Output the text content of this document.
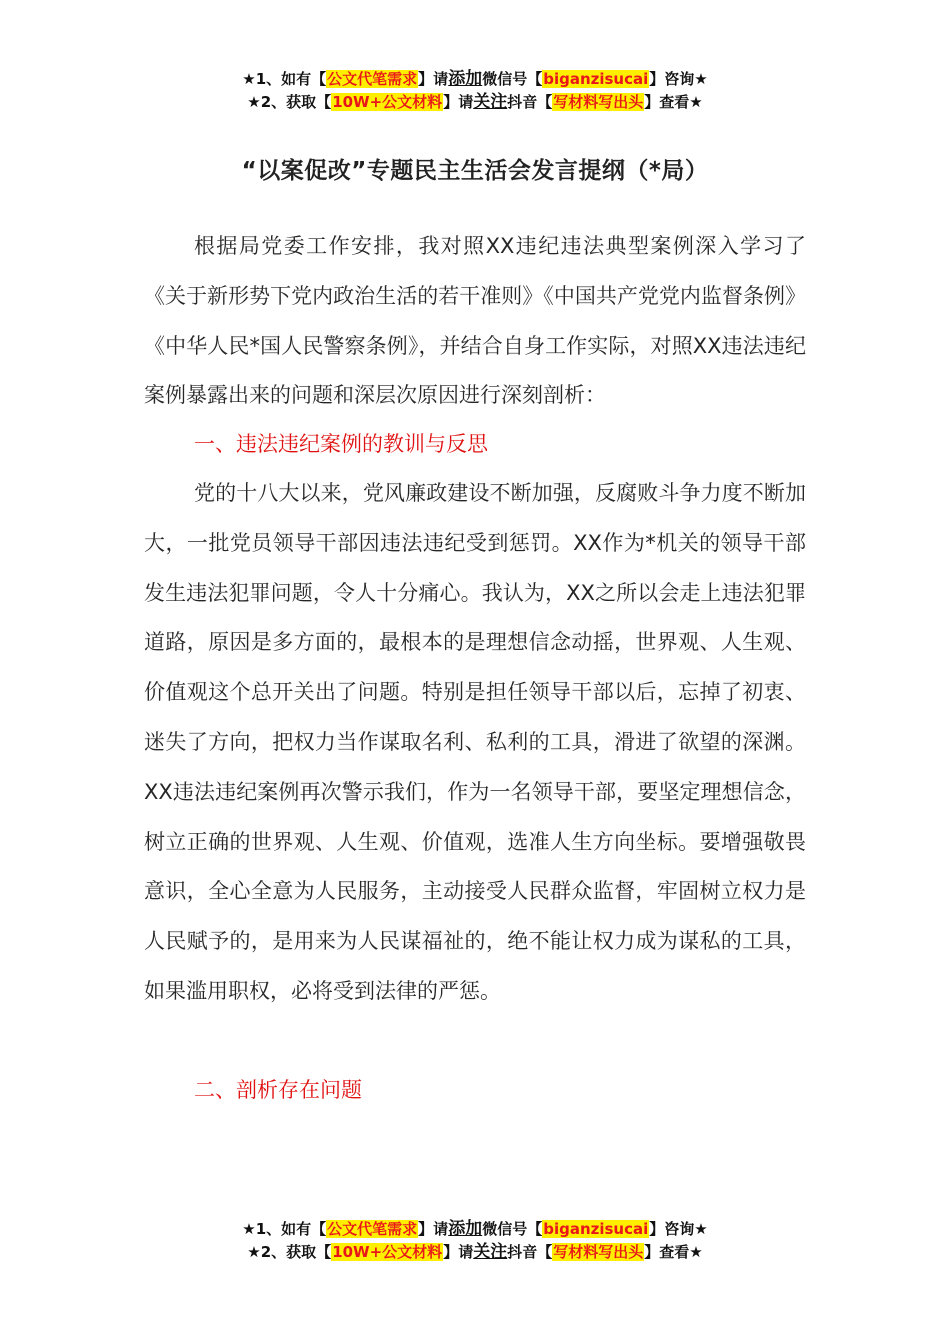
★1、如有【公文代笔需求】请添加微信号【biganzisucai】咨询★
★2、获取【10W+公文材料】请关注抖音【写材料写出头】查看★
“以案促改”专题民主生活会发言提纲（*局）
根据局党委工作安排，我对照XX违纪违法典型案例深入学习了《关于新形势下党内政治生活的若干准则》《中国共产党党内监督条例》《中华人民*国人民警察条例》，并结合自身工作实际，对照XX违法违纪案例暴露出来的问题和深层次原因进行深刻剖析：
一、违法违纪案例的教训与反思
党的十八大以来，党风廉政建设不断加强，反腐败斗争力度不断加大，一批党员领导干部因违法违纪受到惩罚。XX作为*机关的领导干部发生违法犯罪问题，令人十分痛心。我认为，XX之所以会走上违法犯罪道路，原因是多方面的，最根本的是理想信念动摇，世界观、人生观、价值观这个总开关出了问题。特别是担任领导干部以后，忘掉了初衷、迷失了方向，把权力当作谋取名利、私利的工具，滑进了欲望的深渊。XX违法违纪案例再次警示我们，作为一名领导干部，要坚定理想信念，树立正确的世界观、人生观、价值观，选准人生方向坐标。要增强敬畏意识，全心全意为人民服务，主动接受人民群众监督，牢固树立权力是人民赋予的，是用来为人民谋福祉的，绝不能让权力成为谋私的工具，如果滥用职权，必将受到法律的严惩。
二、剖析存在问题
★1、如有【公文代笔需求】请添加微信号【biganzisucai】咨询★
★2、获取【10W+公文材料】请关注抖音【写材料写出头】查看★
